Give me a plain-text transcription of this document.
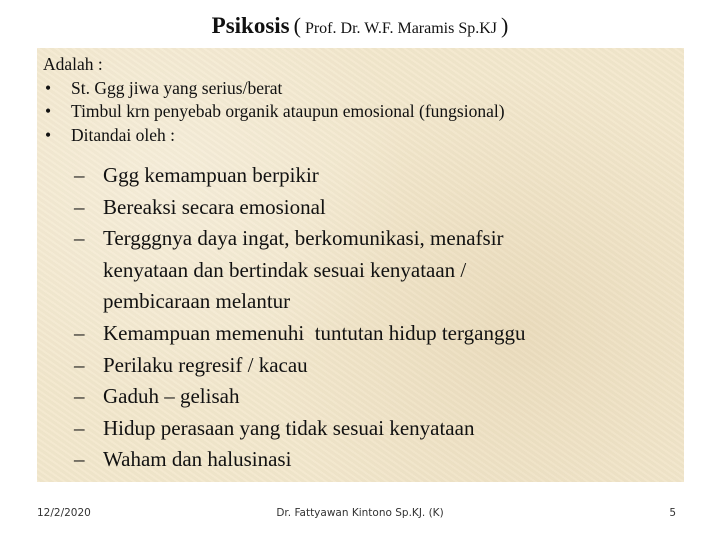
Psikosis ( Prof. Dr. W.F. Maramis Sp.KJ )
Adalah :
• St. Ggg jiwa yang serius/berat
• Timbul krn penyebab organik ataupun emosional (fungsional)
• Ditandai oleh :
– Ggg kemampuan berpikir
– Bereaksi secara emosional
– Tergggnya daya ingat, berkomunikasi, menafsir
kenyataan dan bertindak sesuai kenyataan /
pembicaraan melantur
– Kemampuan memenuhi  tuntutan hidup terganggu
– Perilaku regresif / kacau
– Gaduh – gelisah
– Hidup perasaan yang tidak sesuai kenyataan
– Waham dan halusinasi
12/2/2020	Dr. Fattyawan Kintono Sp.KJ. (K)	5
